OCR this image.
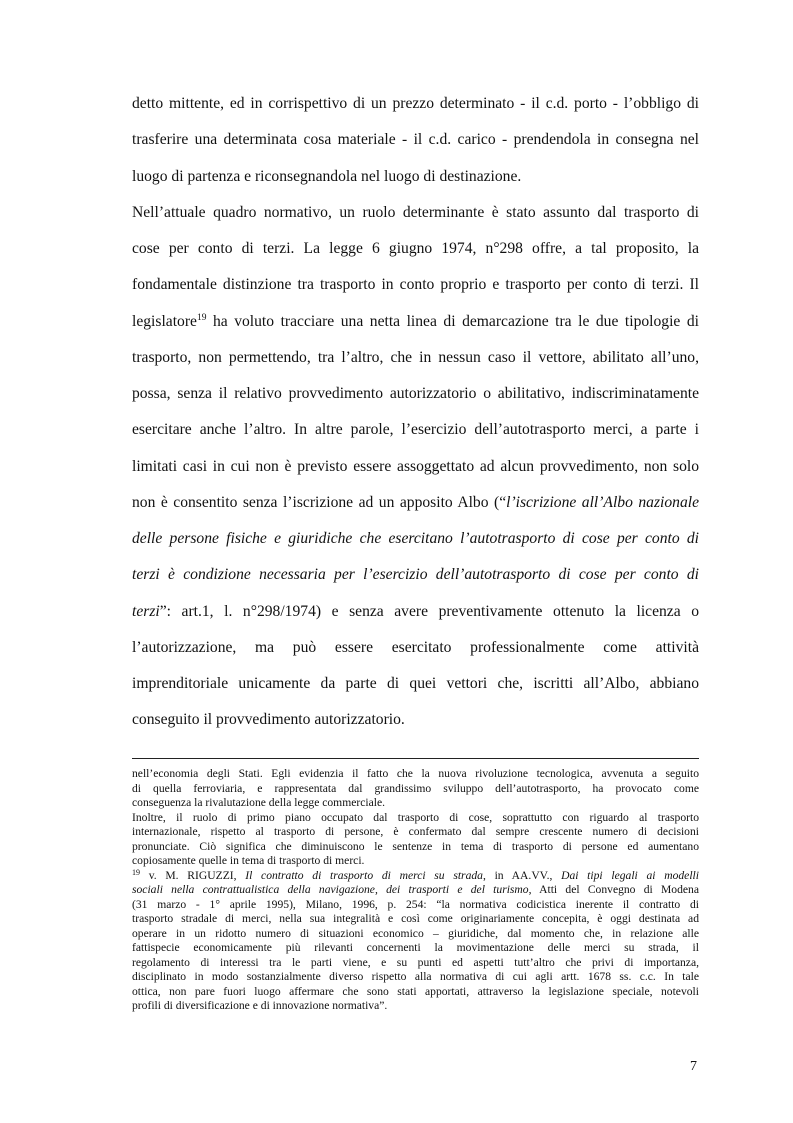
detto mittente, ed in corrispettivo di un prezzo determinato - il c.d. porto - l’obbligo di
trasferire una determinata cosa materiale - il c.d. carico - prendendola in consegna nel
luogo di partenza e riconsegnandola nel luogo di destinazione.
Nell’attuale quadro normativo, un ruolo determinante è stato assunto dal trasporto di
cose per conto di terzi. La legge 6 giugno 1974, n°298 offre, a tal proposito, la
fondamentale distinzione tra trasporto in conto proprio e trasporto per conto di terzi. Il
legislatore$^{19}$ ha voluto tracciare una netta linea di demarcazione tra le due tipologie di
trasporto, non permettendo, tra l’altro, che in nessun caso il vettore, abilitato all’uno,
possa, senza il relativo provvedimento autorizzatorio o abilitativo, indiscriminatamente
esercitare anche l’altro. In altre parole, l’esercizio dell’autotrasporto merci, a parte i
limitati casi in cui non è previsto essere assoggettato ad alcun provvedimento, non solo
non è consentito senza l’iscrizione ad un apposito Albo (“l’iscrizione all’Albo nazionale
delle persone fisiche e giuridiche che esercitano l’autotrasporto di cose per conto di
terzi è condizione necessaria per l’esercizio dell’autotrasporto di cose per conto di
terzi”: art.1, l. n°298/1974) e senza avere preventivamente ottenuto la licenza o
l’autorizzazione, ma può essere esercitato professionalmente come attività
imprenditoriale unicamente da parte di quei vettori che, iscritti all’Albo, abbiano
conseguito il provvedimento autorizzatorio.
nell’economia degli Stati. Egli evidenzia il fatto che la nuova rivoluzione tecnologica, avvenuta a seguito
di quella ferroviaria, e rappresentata dal grandissimo sviluppo dell’autotrasporto, ha provocato come
conseguenza la rivalutazione della legge commerciale.
Inoltre, il ruolo di primo piano occupato dal trasporto di cose, soprattutto con riguardo al trasporto
internazionale, rispetto al trasporto di persone, è confermato dal sempre crescente numero di decisioni
pronunciate. Ciò significa che diminuiscono le sentenze in tema di trasporto di persone ed aumentano
copiosamente quelle in tema di trasporto di merci.
$^{19}$ v. M. RIGUZZI, Il contratto di trasporto di merci su strada, in AA.VV., Dai tipi legali ai modelli
sociali nella contrattualistica della navigazione, dei trasporti e del turismo, Atti del Convegno di Modena
(31 marzo - 1° aprile 1995), Milano, 1996, p. 254: “la normativa codicistica inerente il contratto di
trasporto stradale di merci, nella sua integralità e così come originariamente concepita, è oggi destinata ad
operare in un ridotto numero di situazioni economico – giuridiche, dal momento che, in relazione alle
fattispecie economicamente più rilevanti concernenti la movimentazione delle merci su strada, il
regolamento di interessi tra le parti viene, e su punti ed aspetti tutt’altro che privi di importanza,
disciplinato in modo sostanzialmente diverso rispetto alla normativa di cui agli artt. 1678 ss. c.c. In tale
ottica, non pare fuori luogo affermare che sono stati apportati, attraverso la legislazione speciale, notevoli
profili di diversificazione e di innovazione normativa”.
7
